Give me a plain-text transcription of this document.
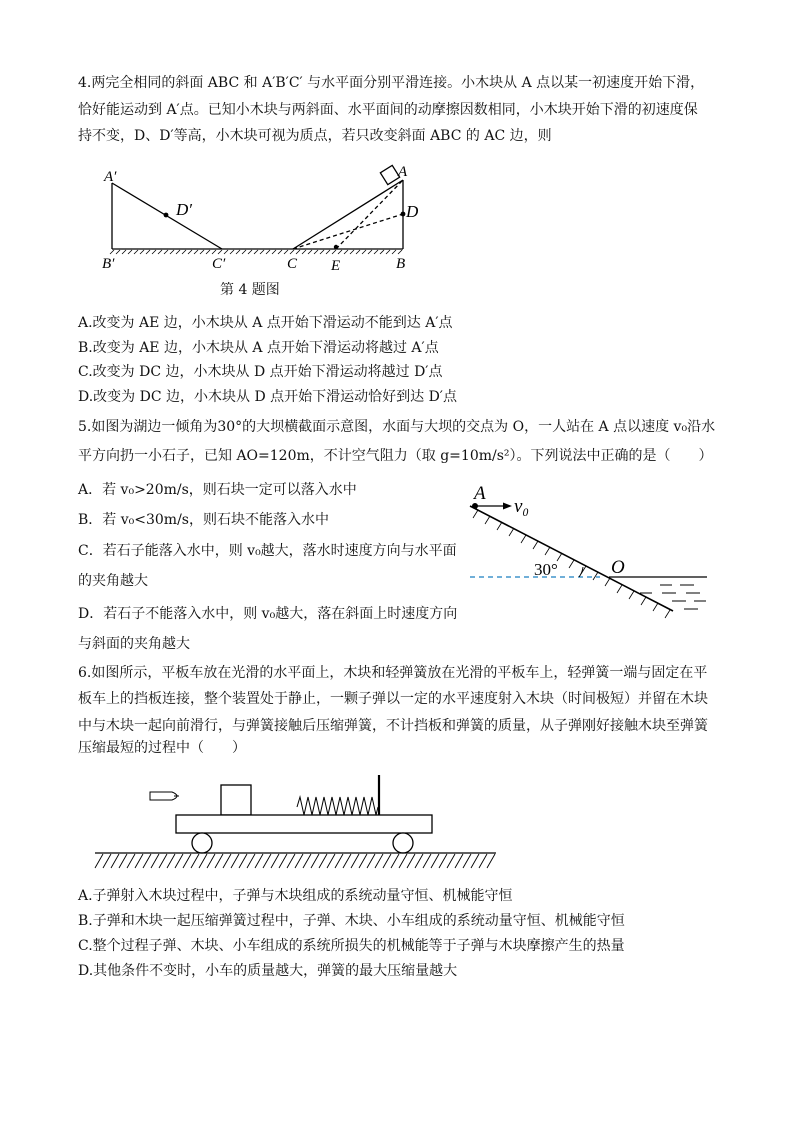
4.两完全相同的斜面 ABC 和 A′B′C′ 与水平面分别平滑连接。小木块从 A 点以某一初速度开始下滑，
恰好能运动到 A′点。已知小木块与两斜面、水平面间的动摩擦因数相同，小木块开始下滑的初速度保
持不变，D、D′等高，小木块可视为质点，若只改变斜面 ABC 的 AC 边，则
A′
D′
B′	C′	C E	B
D
A
第 4 题图
A.改变为 AE 边，小木块从 A 点开始下滑运动不能到达 A′点
B.改变为 AE 边，小木块从 A 点开始下滑运动将越过 A′点
C.改变为 DC 边，小木块从 D 点开始下滑运动将越过 D′点
D.改变为 DC 边，小木块从 D 点开始下滑运动恰好到达 D′点
5.如图为湖边一倾角为30°的大坝横截面示意图，水面与大坝的交点为 O，一人站在 A 点以速度 v₀沿水
平方向扔一小石子，已知 AO=120m，不计空气阻力（取 g=10m/s²）。下列说法中正确的是（　　）
A．若 v₀>20m/s，则石块一定可以落入水中
B．若 v₀<30m/s，则石块不能落入水中
C．若石子能落入水中，则 v₀越大，落水时速度方向与水平面
的夹角越大
D．若石子不能落入水中，则 v₀越大，落在斜面上时速度方向
与斜面的夹角越大
A
v₀
O
30°
6.如图所示，平板车放在光滑的水平面上，木块和轻弹簧放在光滑的平板车上，轻弹簧一端与固定在平
板车上的挡板连接，整个装置处于静止，一颗子弹以一定的水平速度射入木块（时间极短）并留在木块
中与木块一起向前滑行，与弹簧接触后压缩弹簧，不计挡板和弹簧的质量，从子弹刚好接触木块至弹簧
压缩最短的过程中（　　）
A.子弹射入木块过程中，子弹与木块组成的系统动量守恒、机械能守恒
B.子弹和木块一起压缩弹簧过程中，子弹、木块、小车组成的系统动量守恒、机械能守恒
C.整个过程子弹、木块、小车组成的系统所损失的机械能等于子弹与木块摩擦产生的热量
D.其他条件不变时，小车的质量越大，弹簧的最大压缩量越大
